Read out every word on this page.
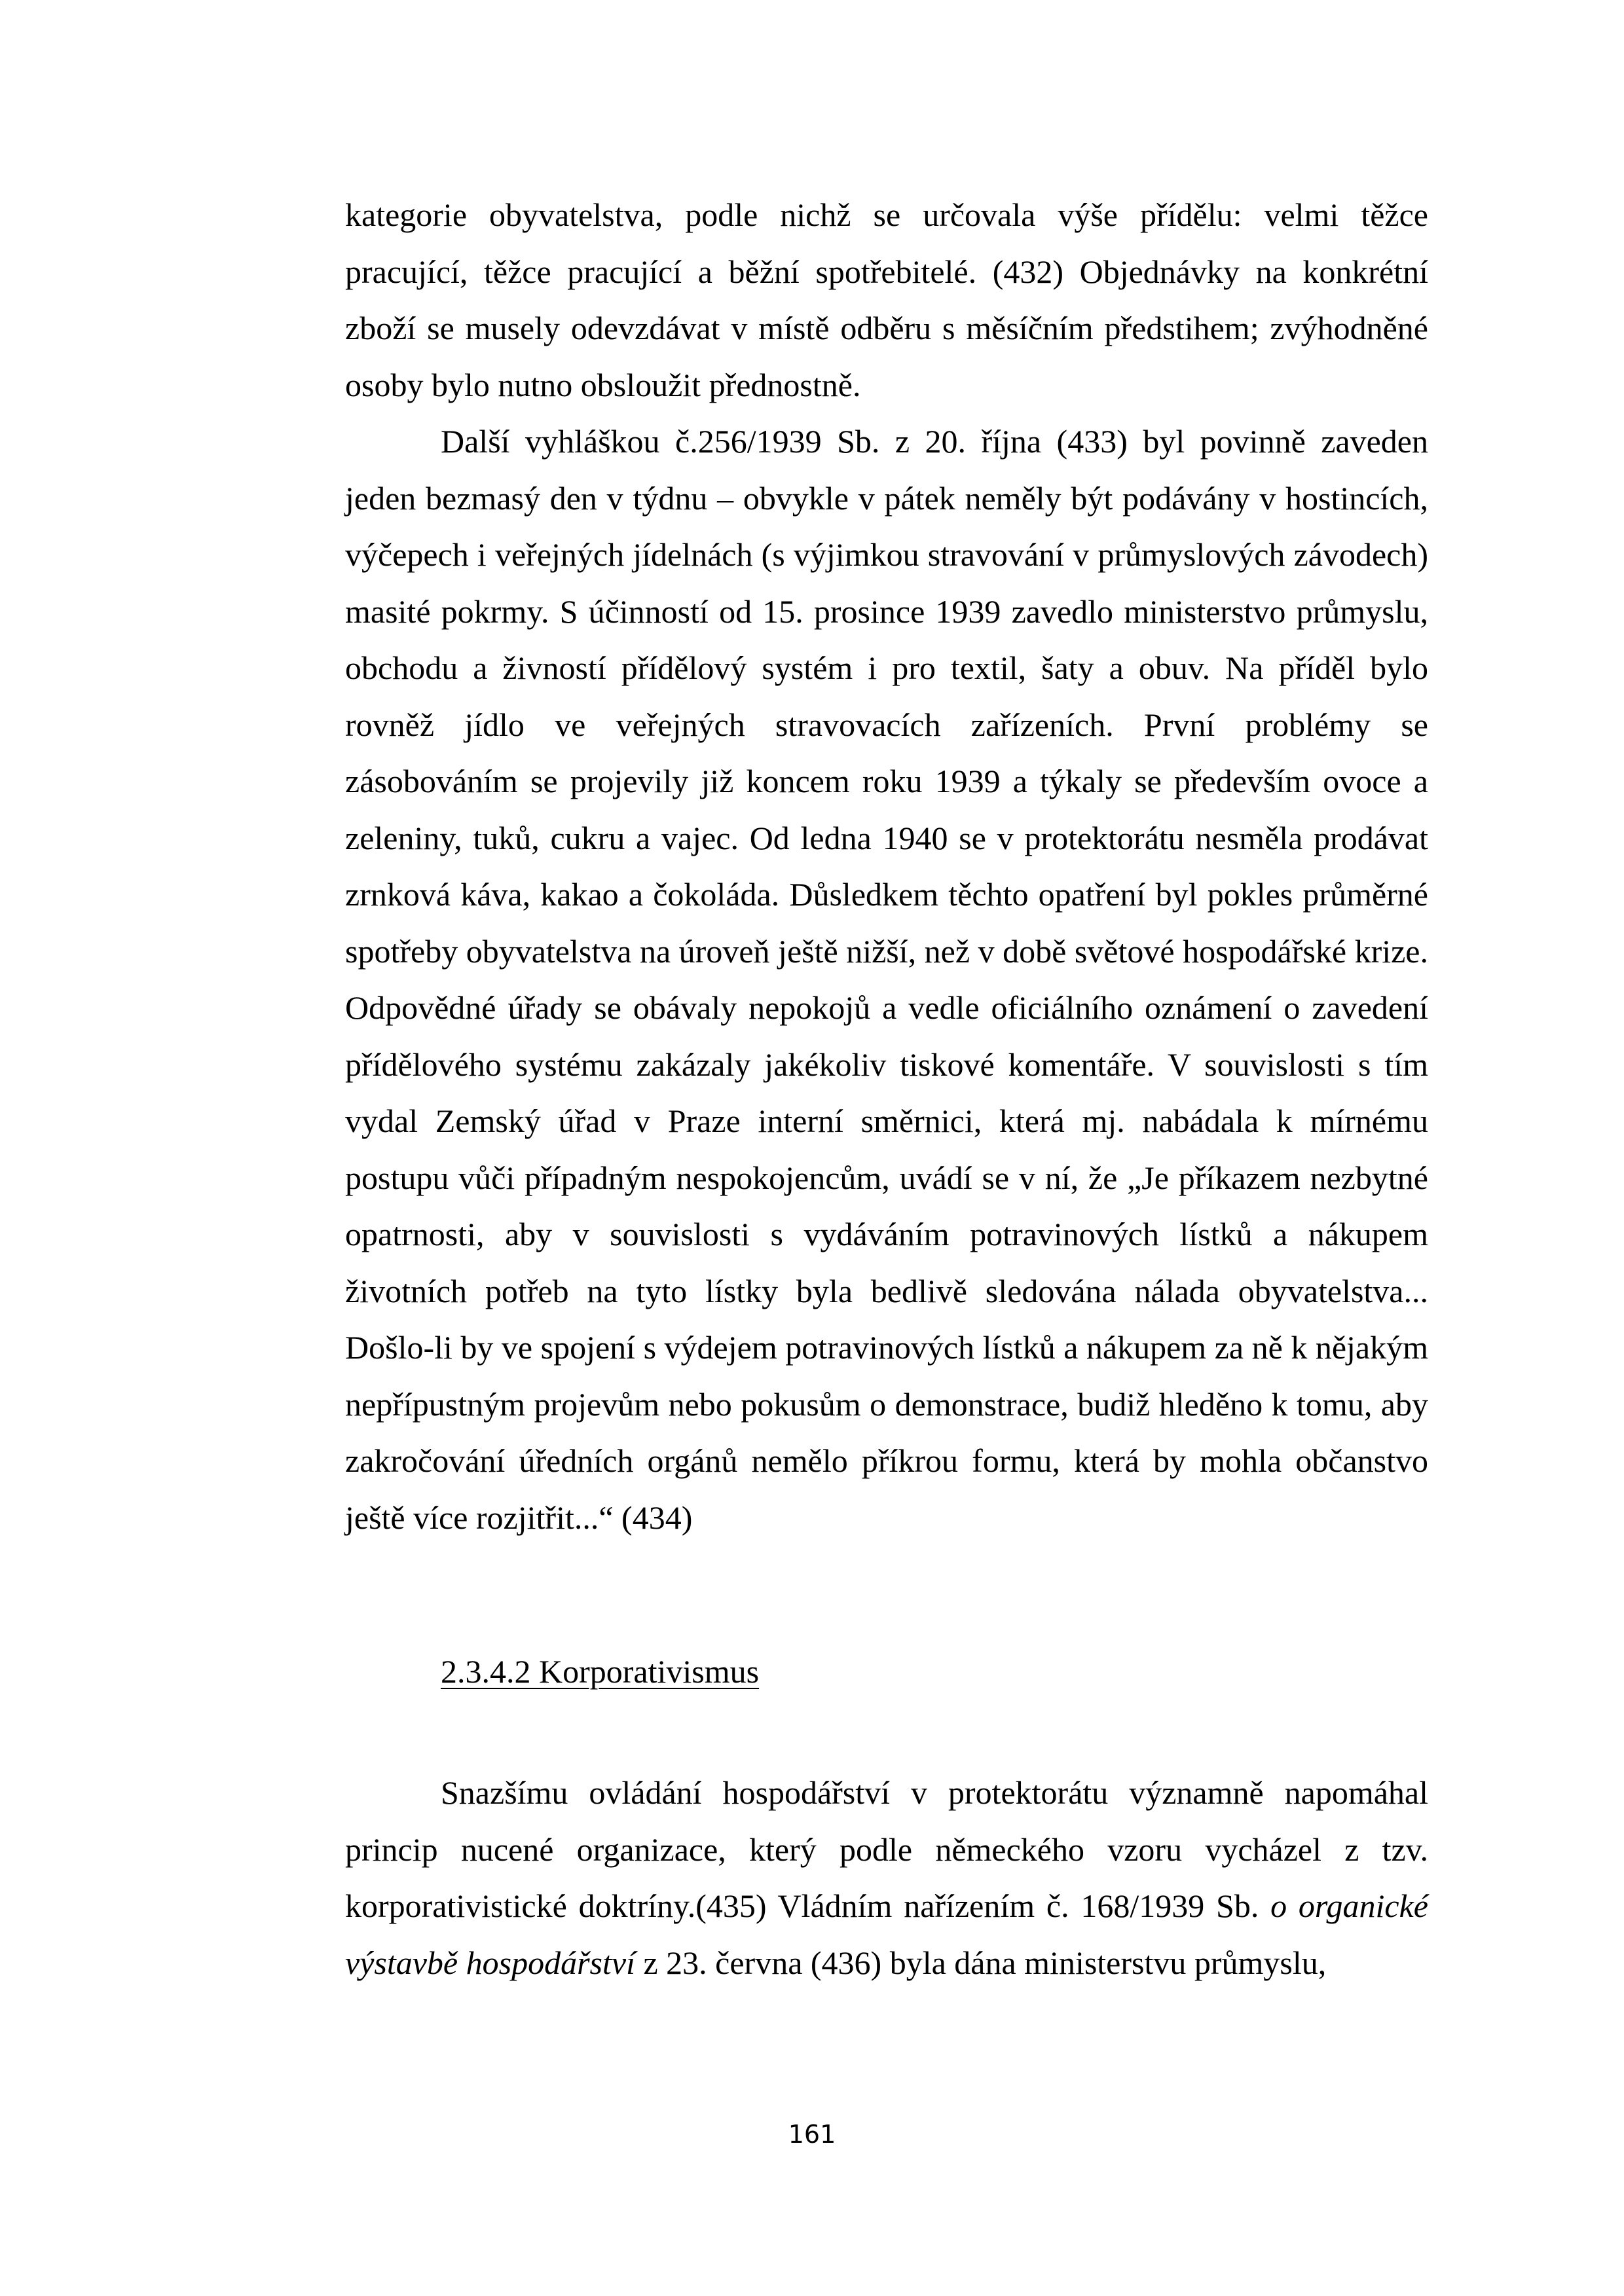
kategorie obyvatelstva, podle nichž se určovala výše přídělu: velmi těžce pracující, těžce pracující a běžní spotřebitelé. (432) Objednávky na konkrétní zboží se musely odevzdávat v místě odběru s měsíčním předstihem; zvýhodněné osoby bylo nutno obsloužit přednostně.

Další vyhláškou č.256/1939 Sb. z 20. října (433) byl povinně zaveden jeden bezmasý den v týdnu – obvykle v pátek neměly být podávány v hostincích, výčepech i veřejných jídelnách (s výjimkou stravování v průmyslových závodech) masité pokrmy. S účinností od 15. prosince 1939 zavedlo ministerstvo průmyslu, obchodu a živností přídělový systém i pro textil, šaty a obuv. Na příděl bylo rovněž jídlo ve veřejných stravovacích zařízeních. První problémy se zásobováním se projevily již koncem roku 1939 a týkaly se především ovoce a zeleniny, tuků, cukru a vajec. Od ledna 1940 se v protektorátu nesměla prodávat zrnková káva, kakao a čokoláda. Důsledkem těchto opatření byl pokles průměrné spotřeby obyvatelstva na úroveň ještě nižší, než v době světové hospodářské krize. Odpovědné úřady se obávaly nepokojů a vedle oficiálního oznámení o zavedení přídělového systému zakázaly jakékoliv tiskové komentáře. V souvislosti s tím vydal Zemský úřad v Praze interní směrnici, která mj. nabádala k mírnému postupu vůči případným nespokojencům, uvádí se v ní, že „Je příkazem nezbytné opatrnosti, aby v souvislosti s vydáváním potravinových lístků a nákupem životních potřeb na tyto lístky byla bedlivě sledována nálada obyvatelstva... Došlo-li by ve spojení s výdejem potravinových lístků a nákupem za ně k nějakým nepřípustným projevům nebo pokusům o demonstrace, budiž hleděno k tomu, aby zakročování úředních orgánů nemělo příkrou formu, která by mohla občanstvo ještě více rozjitřit...“ (434)

2.3.4.2 Korporativismus

Snazšímu ovládání hospodářství v protektorátu významně napomáhal princip nucené organizace, který podle německého vzoru vycházel z tzv. korporativistické doktríny.(435) Vládním nařízením č. 168/1939 Sb. o organické výstavbě hospodářství z 23. června (436) byla dána ministerstvu průmyslu,

161
